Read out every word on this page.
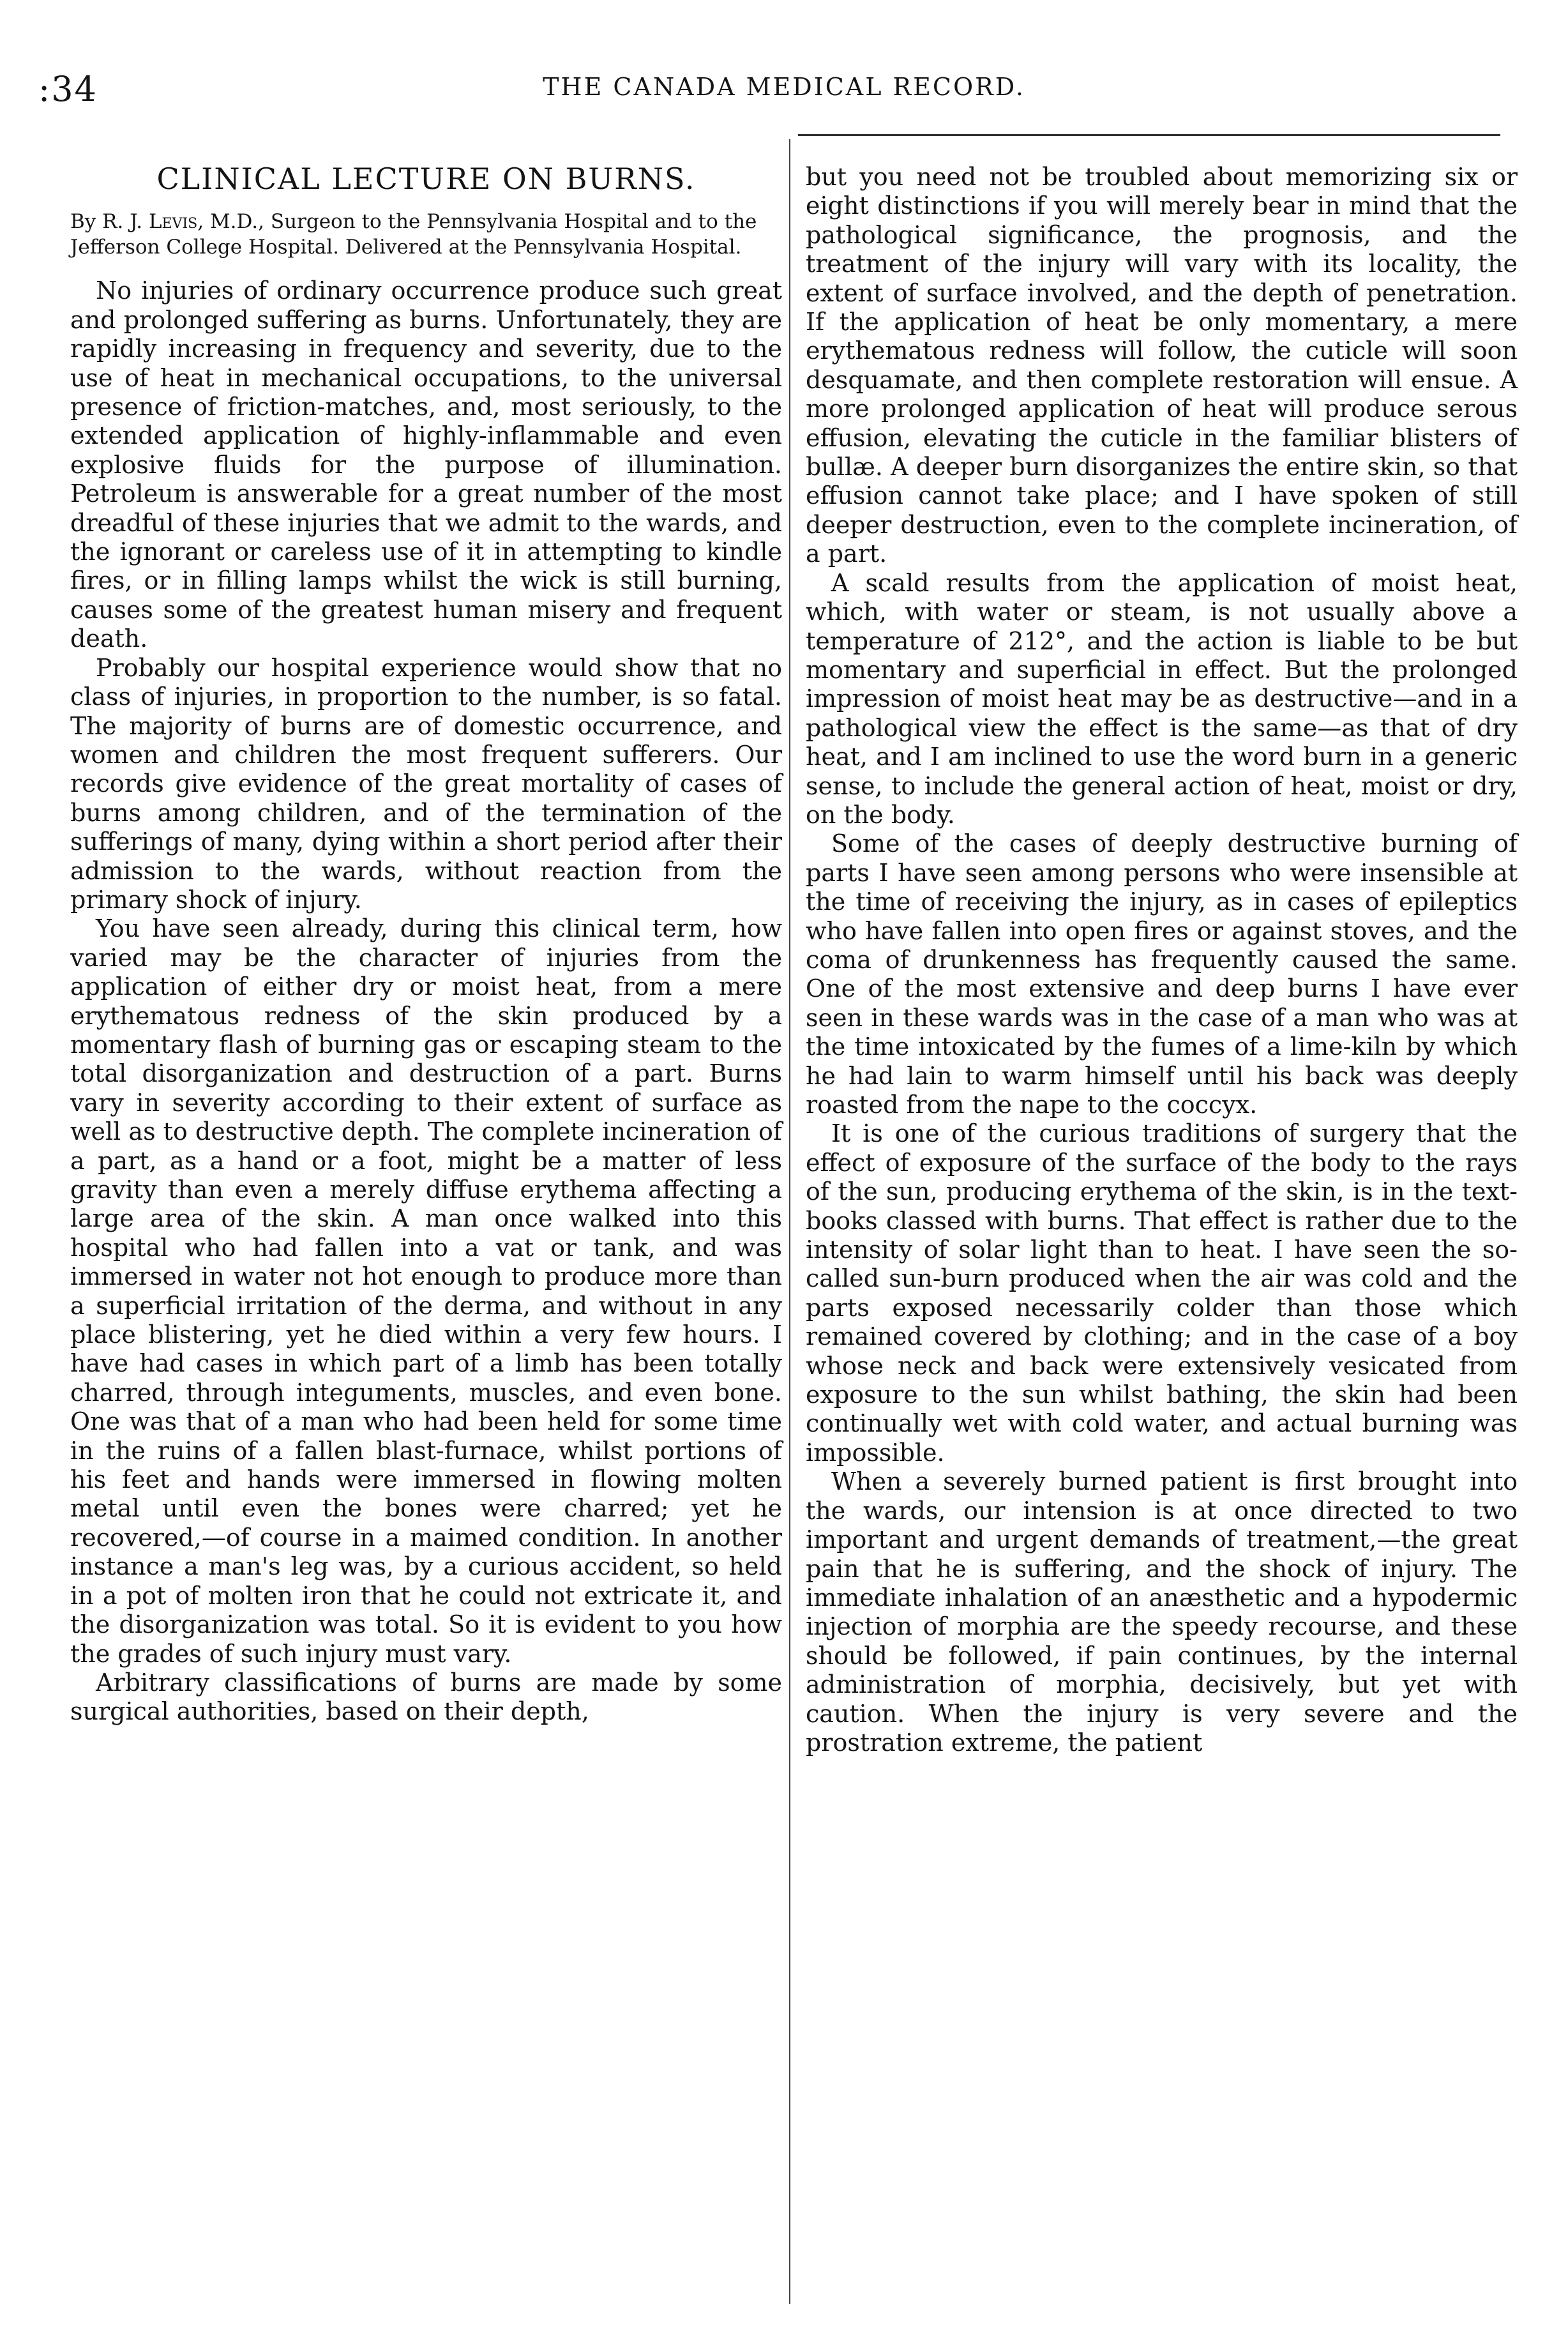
:34	THE CANADA MEDICAL RECORD.
CLINICAL LECTURE ON BURNS.
By R. J. Levis, M.D., Surgeon to the Pennsylvania Hospital and to the Jefferson College Hospital. Delivered at the Pennsylvania Hospital.

No injuries of ordinary occurrence produce such great and prolonged suffering as burns. Unfortunately, they are rapidly increasing in frequency and severity, due to the use of heat in mechanical occupations, to the universal presence of friction-matches, and, most seriously, to the extended application of highly-inflammable and even explosive fluids for the purpose of illumination. Petroleum is answerable for a great number of the most dreadful of these injuries that we admit to the wards, and the ignorant or careless use of it in attempting to kindle fires, or in filling lamps whilst the wick is still burning, causes some of the greatest human misery and frequent death.

Probably our hospital experience would show that no class of injuries, in proportion to the number, is so fatal. The majority of burns are of domestic occurrence, and women and children the most frequent sufferers. Our records give evidence of the great mortality of cases of burns among children, and of the termination of the sufferings of many, dying within a short period after their admission to the wards, without reaction from the primary shock of injury.

You have seen already, during this clinical term, how varied may be the character of injuries from the application of either dry or moist heat, from a mere erythematous redness of the skin produced by a momentary flash of burning gas or escaping steam to the total disorganization and destruction of a part. Burns vary in severity according to their extent of surface as well as to destructive depth. The complete incineration of a part, as a hand or a foot, might be a matter of less gravity than even a merely diffuse erythema affecting a large area of the skin. A man once walked into this hospital who had fallen into a vat or tank, and was immersed in water not hot enough to produce more than a superficial irritation of the derma, and without in any place blistering, yet he died within a very few hours. I have had cases in which part of a limb has been totally charred, through integuments, muscles, and even bone. One was that of a man who had been held for some time in the ruins of a fallen blast-furnace, whilst portions of his feet and hands were immersed in flowing molten metal until even the bones were charred; yet he recovered,—of course in a maimed condition. In another instance a man's leg was, by a curious accident, so held in a pot of molten iron that he could not extricate it, and the disorganization was total. So it is evident to you how the grades of such injury must vary.

Arbitrary classifications of burns are made by some surgical authorities, based on their depth,

but you need not be troubled about memorizing six or eight distinctions if you will merely bear in mind that the pathological significance, the prognosis, and the treatment of the injury will vary with its locality, the extent of surface involved, and the depth of penetration. If the application of heat be only momentary, a mere erythematous redness will follow, the cuticle will soon desquamate, and then complete restoration will ensue. A more prolonged application of heat will produce serous effusion, elevating the cuticle in the familiar blisters of bullæ. A deeper burn disorganizes the entire skin, so that effusion cannot take place; and I have spoken of still deeper destruction, even to the complete incineration, of a part.

A scald results from the application of moist heat, which, with water or steam, is not usually above a temperature of 212°, and the action is liable to be but momentary and superficial in effect. But the prolonged impression of moist heat may be as destructive—and in a pathological view the effect is the same—as that of dry heat, and I am inclined to use the word burn in a generic sense, to include the general action of heat, moist or dry, on the body.

Some of the cases of deeply destructive burning of parts I have seen among persons who were insensible at the time of receiving the injury, as in cases of epileptics who have fallen into open fires or against stoves, and the coma of drunkenness has frequently caused the same. One of the most extensive and deep burns I have ever seen in these wards was in the case of a man who was at the time intoxicated by the fumes of a lime-kiln by which he had lain to warm himself until his back was deeply roasted from the nape to the coccyx.

It is one of the curious traditions of surgery that the effect of exposure of the surface of the body to the rays of the sun, producing erythema of the skin, is in the text-books classed with burns. That effect is rather due to the intensity of solar light than to heat. I have seen the so-called sun-burn produced when the air was cold and the parts exposed necessarily colder than those which remained covered by clothing; and in the case of a boy whose neck and back were extensively vesicated from exposure to the sun whilst bathing, the skin had been continually wet with cold water, and actual burning was impossible.

When a severely burned patient is first brought into the wards, our intension is at once directed to two important and urgent demands of treatment,—the great pain that he is suffering, and the shock of injury. The immediate inhalation of an anæsthetic and a hypodermic injection of morphia are the speedy recourse, and these should be followed, if pain continues, by the internal administration of morphia, decisively, but yet with caution. When the injury is very severe and the prostration extreme, the patient
